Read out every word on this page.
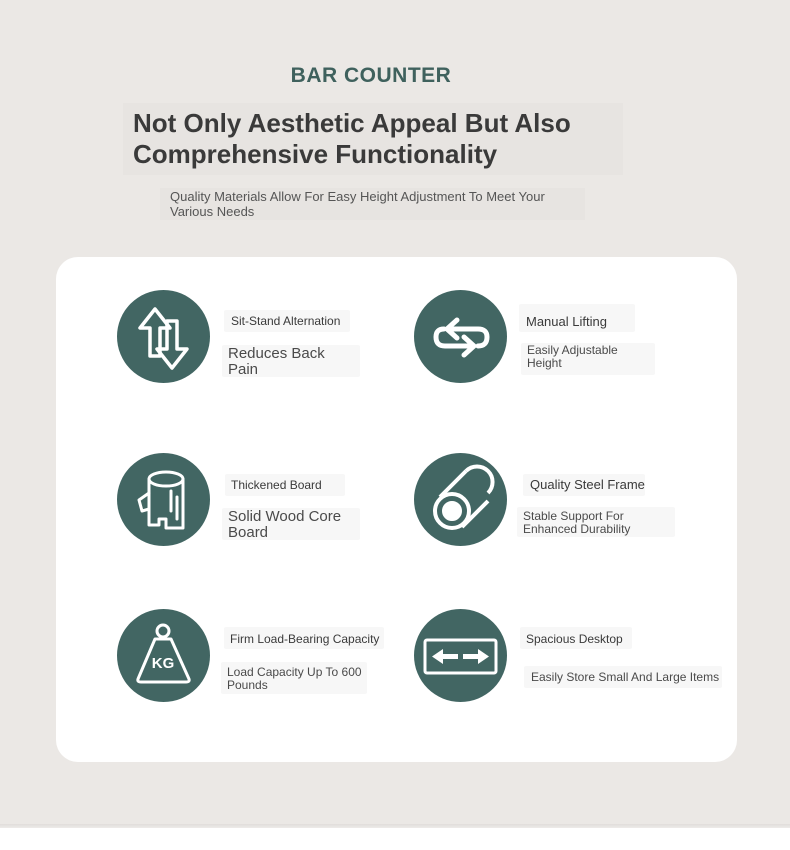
BAR COUNTER
Not Only Aesthetic Appeal But Also Comprehensive Functionality

Quality Materials Allow For Easy Height Adjustment To Meet Your Various Needs

Sit-Stand Alternation
Reduces Back Pain
Manual Lifting
Easily Adjustable Height
Thickened Board
Solid Wood Core Board
Quality Steel Frame
Stable Support For Enhanced Durability
KG
Firm Load-Bearing Capacity
Load Capacity Up To 600 Pounds
Spacious Desktop
Easily Store Small And Large Items
